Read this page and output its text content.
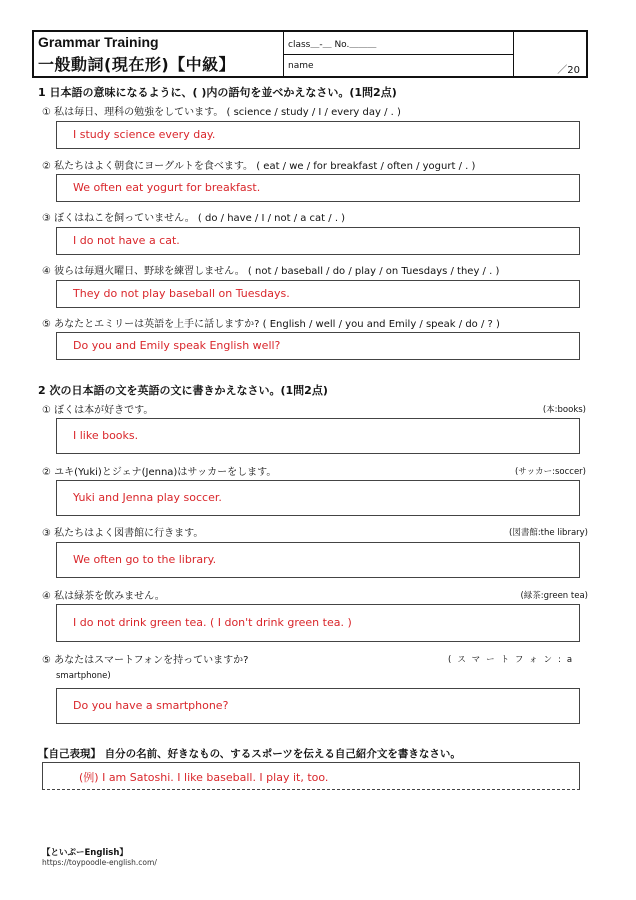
Grammar Training
一般動詞(現在形)【中級】
class＿-＿ No.＿＿＿
name	／20
1 日本語の意味になるように、( )内の語句を並べかえなさい。(1問2点)
① 私は毎日、理科の勉強をしています。 ( science / study / I / every day / . )
I study science every day.
② 私たちはよく朝食にヨーグルトを食べます。 ( eat / we / for breakfast / often / yogurt / . )
We often eat yogurt for breakfast.
③ ぼくはねこを飼っていません。 ( do / have / I / not / a cat / . )
I do not have a cat.
④ 彼らは毎週火曜日、野球を練習しません。 ( not / baseball / do / play / on Tuesdays / they / . )
They do not play baseball on Tuesdays.
⑤ あなたとエミリーは英語を上手に話しますか? ( English / well / you and Emily / speak / do / ? )
Do you and Emily speak English well?
2 次の日本語の文を英語の文に書きかえなさい。(1問2点)
① ぼくは本が好きです。	(本:books)
I like books.
② ユキ(Yuki)とジェナ(Jenna)はサッカーをします。	(サッカー:soccer)
Yuki and Jenna play soccer.
③ 私たちはよく図書館に行きます。	(図書館:the library)
We often go to the library.
④ 私は緑茶を飲みません。	(緑茶:green tea)
I do not drink green tea. ( I don't drink green tea. )
⑤ あなたはスマートフォンを持っていますか?	(スマートフォン:a
smartphone)
Do you have a smartphone?
【自己表現】 自分の名前、好きなもの、するスポーツを伝える自己紹介文を書きなさい。
(例) I am Satoshi. I like baseball. I play it, too.
【といぷーEnglish】
https://toypoodle-english.com/
